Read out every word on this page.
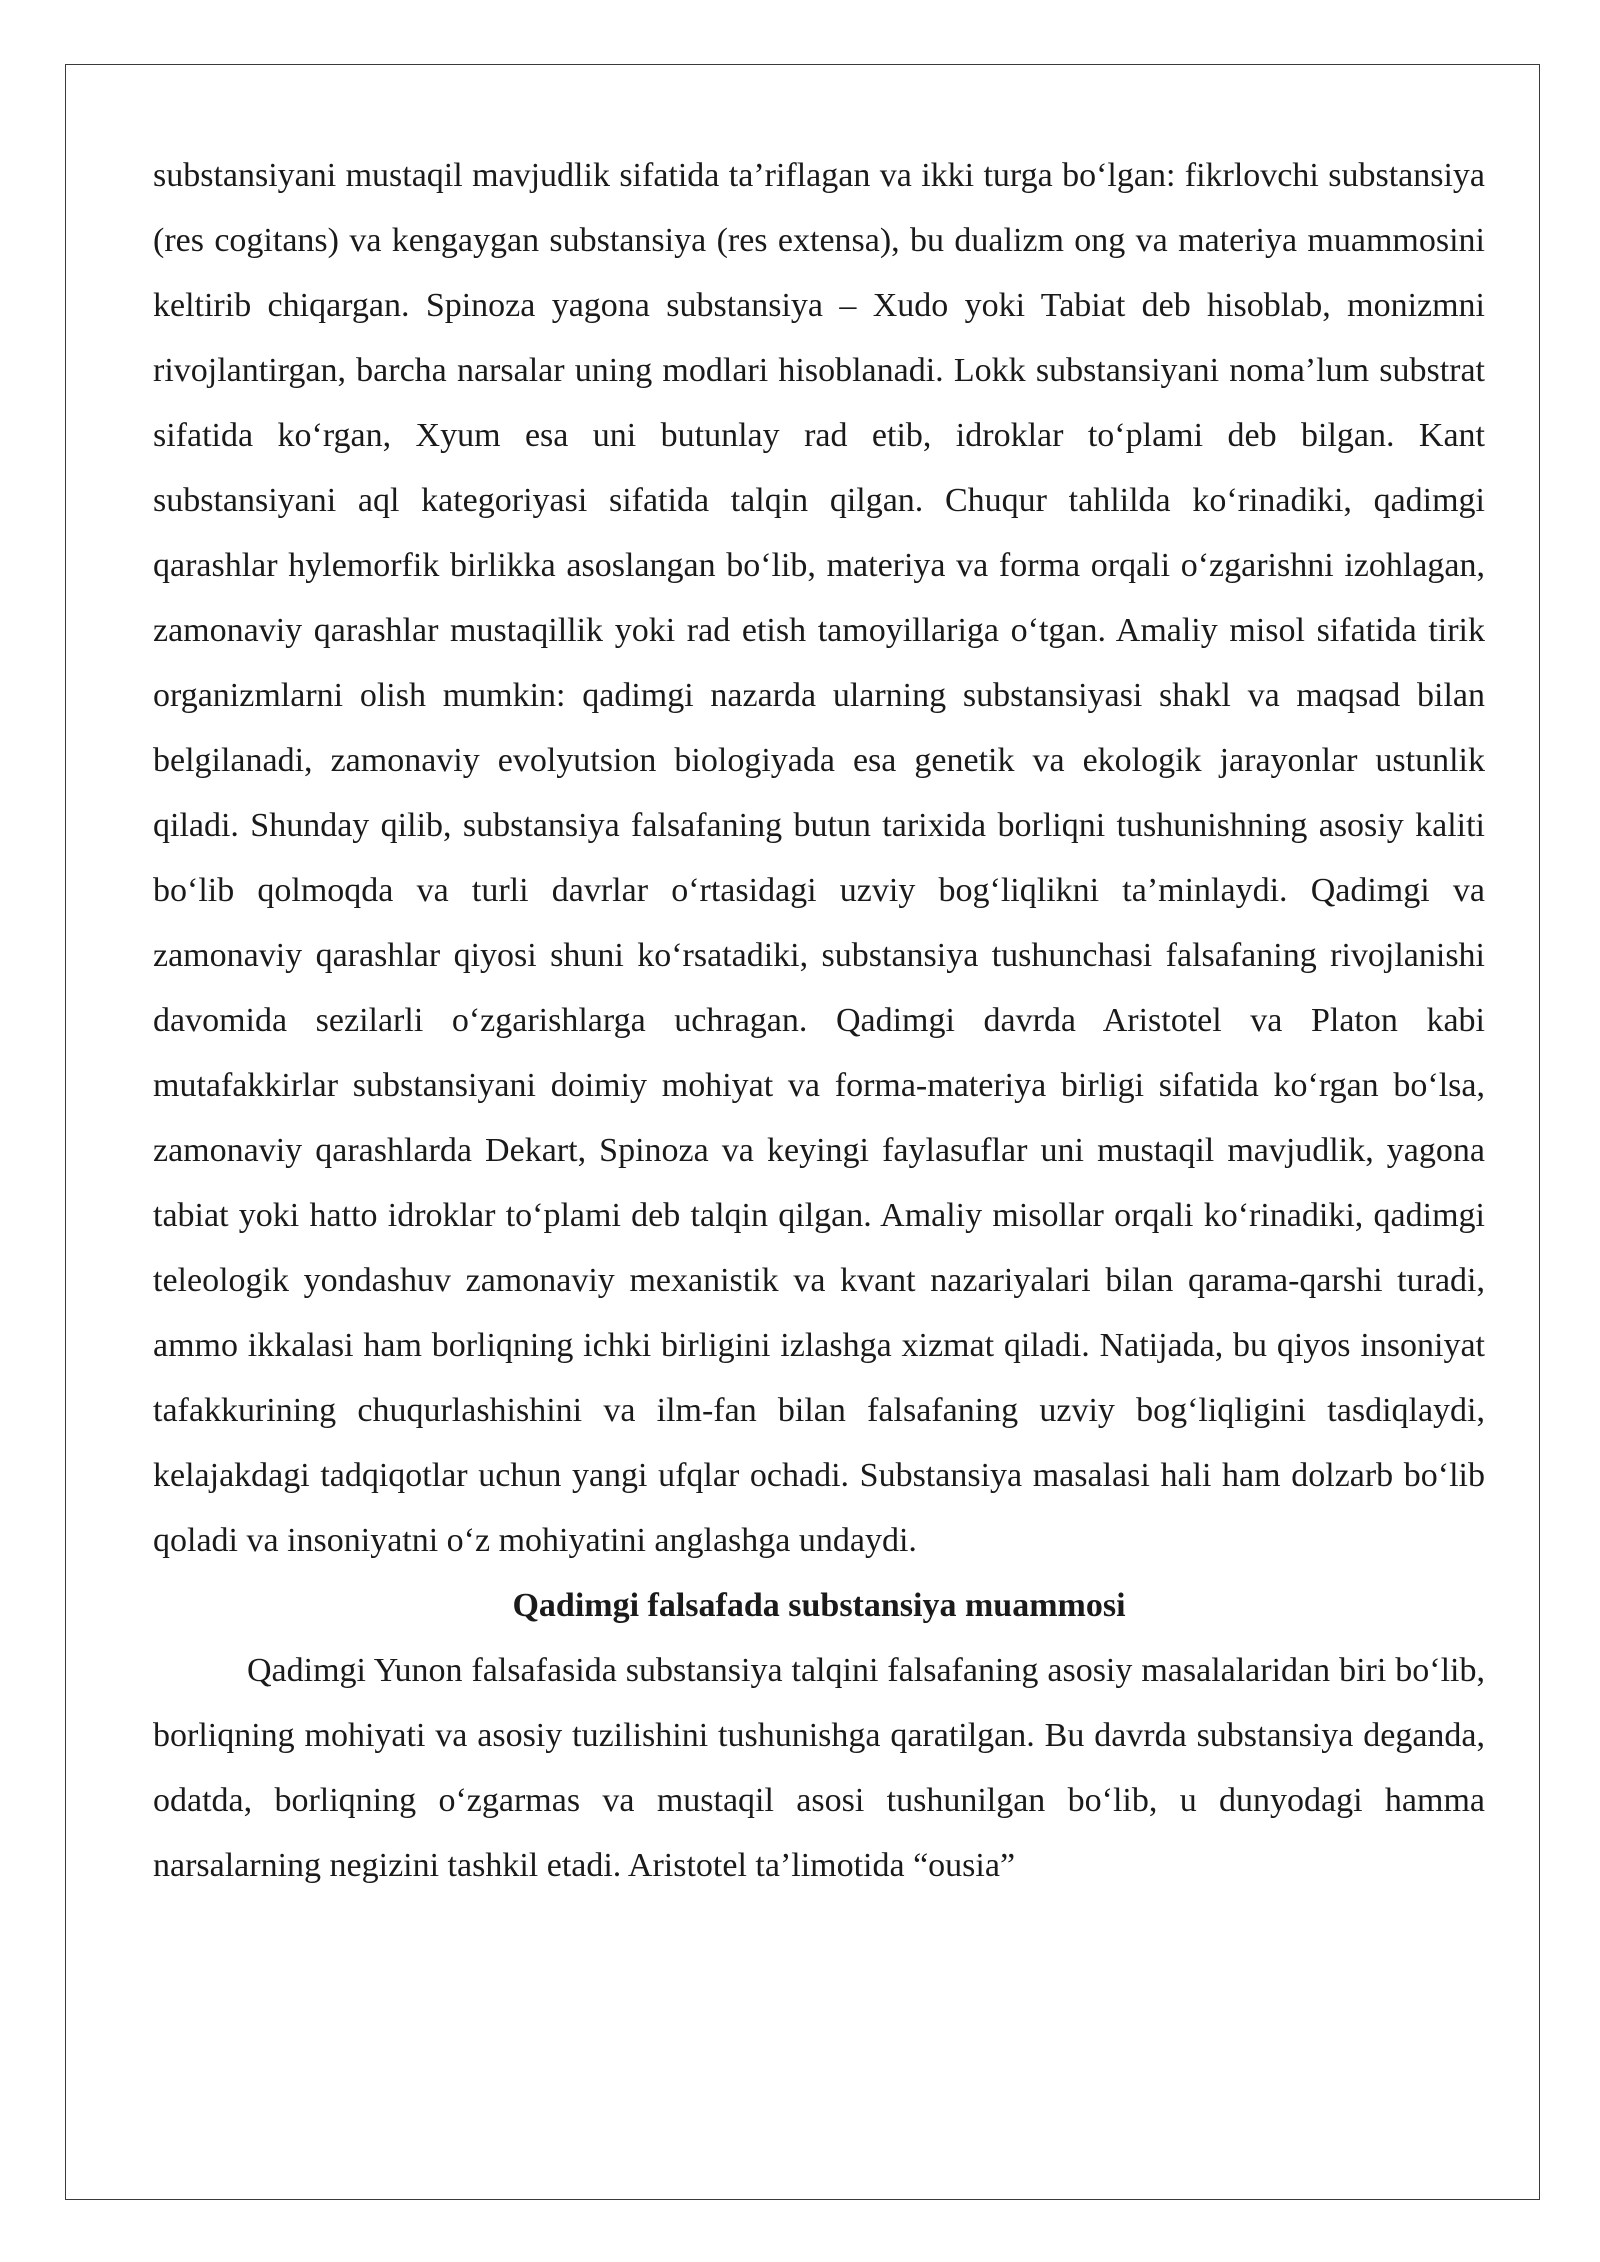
substansiyani mustaqil mavjudlik sifatida ta’riflagan va ikki turga bo‘lgan: fikrlovchi substansiya (res cogitans) va kengaygan substansiya (res extensa), bu dualizm ong va materiya muammosini keltirib chiqargan. Spinoza yagona substansiya – Xudo yoki Tabiat deb hisoblab, monizmni rivojlantirgan, barcha narsalar uning modlari hisoblanadi. Lokk substansiyani noma’lum substrat sifatida ko‘rgan, Xyum esa uni butunlay rad etib, idroklar to‘plami deb bilgan. Kant substansiyani aql kategoriyasi sifatida talqin qilgan. Chuqur tahlilda ko‘rinadiki, qadimgi qarashlar hylemorfik birlikka asoslangan bo‘lib, materiya va forma orqali o‘zgarishni izohlagan, zamonaviy qarashlar mustaqillik yoki rad etish tamoyillariga o‘tgan. Amaliy misol sifatida tirik organizmlarni olish mumkin: qadimgi nazarda ularning substansiyasi shakl va maqsad bilan belgilanadi, zamonaviy evolyutsion biologiyada esa genetik va ekologik jarayonlar ustunlik qiladi. Shunday qilib, substansiya falsafaning butun tarixida borliqni tushunishning asosiy kaliti bo‘lib qolmoqda va turli davrlar o‘rtasidagi uzviy bog‘liqlikni ta’minlaydi. Qadimgi va zamonaviy qarashlar qiyosi shuni ko‘rsatadiki, substansiya tushunchasi falsafaning rivojlanishi davomida sezilarli o‘zgarishlarga uchragan. Qadimgi davrda Aristotel va Platon kabi mutafakkirlar substansiyani doimiy mohiyat va forma-materiya birligi sifatida ko‘rgan bo‘lsa, zamonaviy qarashlarda Dekart, Spinoza va keyingi faylasuflar uni mustaqil mavjudlik, yagona tabiat yoki hatto idroklar to‘plami deb talqin qilgan. Amaliy misollar orqali ko‘rinadiki, qadimgi teleologik yondashuv zamonaviy mexanistik va kvant nazariyalari bilan qarama-qarshi turadi, ammo ikkalasi ham borliqning ichki birligini izlashga xizmat qiladi. Natijada, bu qiyos insoniyat tafakkurining chuqurlashishini va ilm-fan bilan falsafaning uzviy bog‘liqligini tasdiqlaydi, kelajakdagi tadqiqotlar uchun yangi ufqlar ochadi. Substansiya masalasi hali ham dolzarb bo‘lib qoladi va insoniyatni o‘z mohiyatini anglashga undaydi.

Qadimgi falsafada substansiya muammosi

Qadimgi Yunon falsafasida substansiya talqini falsafaning asosiy masalalaridan biri bo‘lib, borliqning mohiyati va asosiy tuzilishini tushunishga qaratilgan. Bu davrda substansiya deganda, odatda, borliqning o‘zgarmas va mustaqil asosi tushunilgan bo‘lib, u dunyodagi hamma narsalarning negizini tashkil etadi. Aristotel ta’limotida “ousia”
